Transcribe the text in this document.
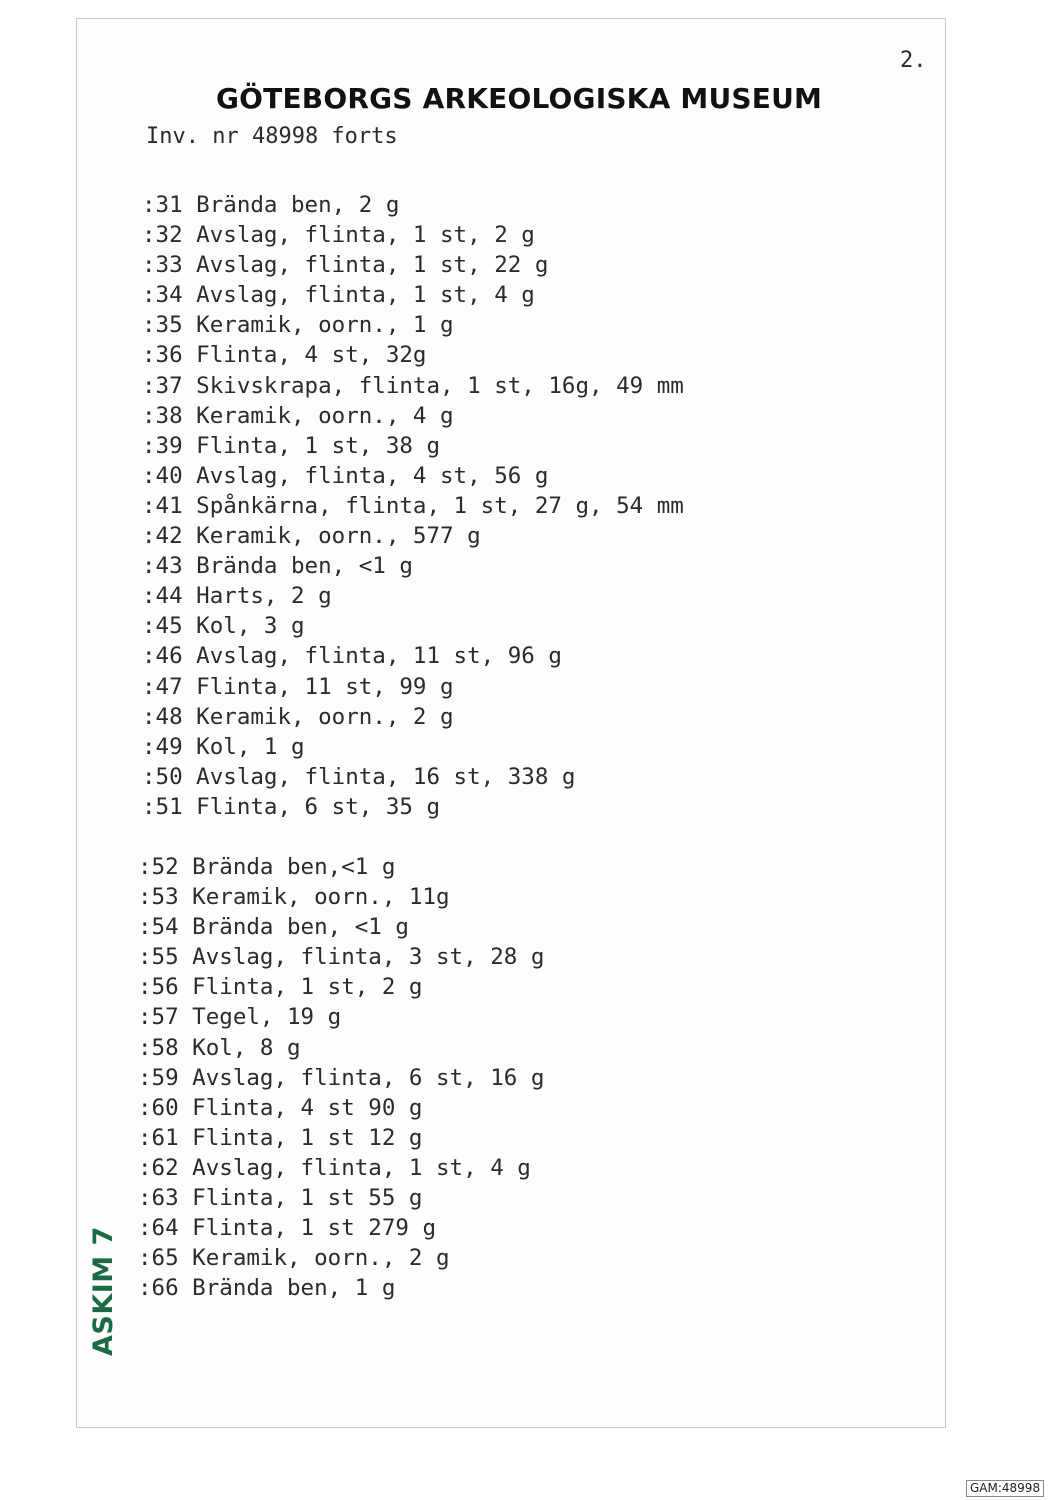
2.
GÖTEBORGS ARKEOLOGISKA MUSEUM
Inv. nr 48998 forts
:31 Brända ben, 2 g
:32 Avslag, flinta, 1 st, 2 g
:33 Avslag, flinta, 1 st, 22 g
:34 Avslag, flinta, 1 st, 4 g
:35 Keramik, oorn., 1 g
:36 Flinta, 4 st, 32g
:37 Skivskrapa, flinta, 1 st, 16g, 49 mm
:38 Keramik, oorn., 4 g
:39 Flinta, 1 st, 38 g
:40 Avslag, flinta, 4 st, 56 g
:41 Spånkärna, flinta, 1 st, 27 g, 54 mm
:42 Keramik, oorn., 577 g
:43 Brända ben, <1 g
:44 Harts, 2 g
:45 Kol, 3 g
:46 Avslag, flinta, 11 st, 96 g
:47 Flinta, 11 st, 99 g
:48 Keramik, oorn., 2 g
:49 Kol, 1 g
:50 Avslag, flinta, 16 st, 338 g
:51 Flinta, 6 st, 35 g
:52 Brända ben,<1 g
:53 Keramik, oorn., 11g
:54 Brända ben, <1 g
:55 Avslag, flinta, 3 st, 28 g
:56 Flinta, 1 st, 2 g
:57 Tegel, 19 g
:58 Kol, 8 g
:59 Avslag, flinta, 6 st, 16 g
:60 Flinta, 4 st 90 g
:61 Flinta, 1 st 12 g
:62 Avslag, flinta, 1 st, 4 g
:63 Flinta, 1 st 55 g
:64 Flinta, 1 st 279 g
:65 Keramik, oorn., 2 g
:66 Brända ben, 1 g
ASKIM 7
GAM:48998
